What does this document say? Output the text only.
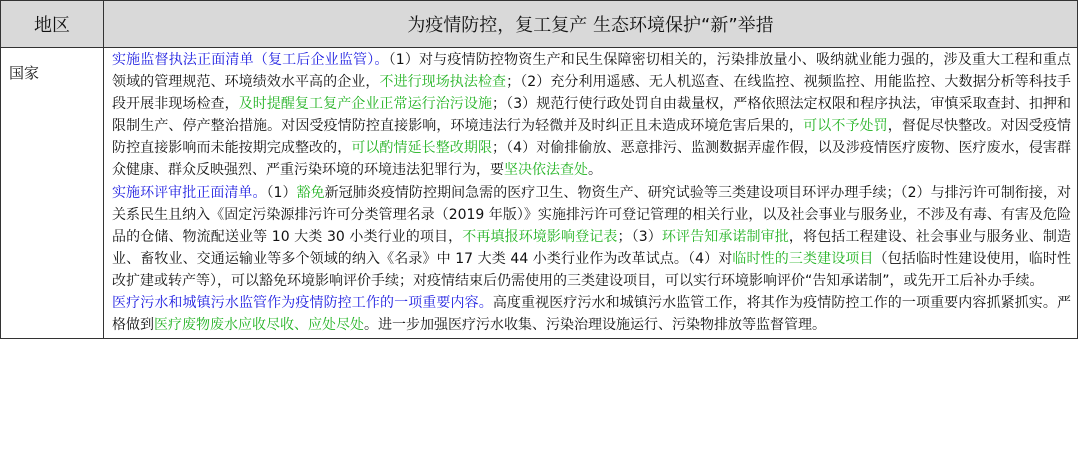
地区	为疫情防控，复工复产 生态环境保护“新”举措
国家	实施监督执法正面清单（复工后企业监管）。（1）对与疫情防控物资生产和民生保障密切相关的，污染排放量小、吸纳就业能力强的，涉及重大工程和重点领域的管理规范、环境绩效水平高的企业，不进行现场执法检查；（2）充分利用遥感、无人机巡查、在线监控、视频监控、用能监控、大数据分析等科技手段开展非现场检查，及时提醒复工复产企业正常运行治污设施；（3）规范行使行政处罚自由裁量权，严格依照法定权限和程序执法，审慎采取查封、扣押和限制生产、停产整治措施。对因受疫情防控直接影响，环境违法行为轻微并及时纠正且未造成环境危害后果的，可以不予处罚，督促尽快整改。对因受疫情防控直接影响而未能按期完成整改的，可以酌情延长整改期限；（4）对偷排偷放、恶意排污、监测数据弄虚作假，以及涉疫情医疗废物、医疗废水，侵害群众健康、群众反映强烈、严重污染环境的环境违法犯罪行为，要坚决依法查处。

实施环评审批正面清单。（1）豁免新冠肺炎疫情防控期间急需的医疗卫生、物资生产、研究试验等三类建设项目环评办理手续；（2）与排污许可制衔接，对关系民生且纳入《固定污染源排污许可分类管理名录（2019 年版）》实施排污许可登记管理的相关行业，以及社会事业与服务业，不涉及有毒、有害及危险品的仓储、物流配送业等 10 大类 30 小类行业的项目，不再填报环境影响登记表；（3）环评告知承诺制审批，将包括工程建设、社会事业与服务业、制造业、畜牧业、交通运输业等多个领域的纳入《名录》中 17 大类 44 小类行业作为改革试点。（4）对临时性的三类建设项目（包括临时性建设使用，临时性改扩建或转产等），可以豁免环境影响评价手续；对疫情结束后仍需使用的三类建设项目，可以实行环境影响评价“告知承诺制”，或先开工后补办手续。

医疗污水和城镇污水监管作为疫情防控工作的一项重要内容。高度重视医疗污水和城镇污水监管工作，将其作为疫情防控工作的一项重要内容抓紧抓实。严格做到医疗废物废水应收尽收、应处尽处。进一步加强医疗污水收集、污染治理设施运行、污染物排放等监督管理。
